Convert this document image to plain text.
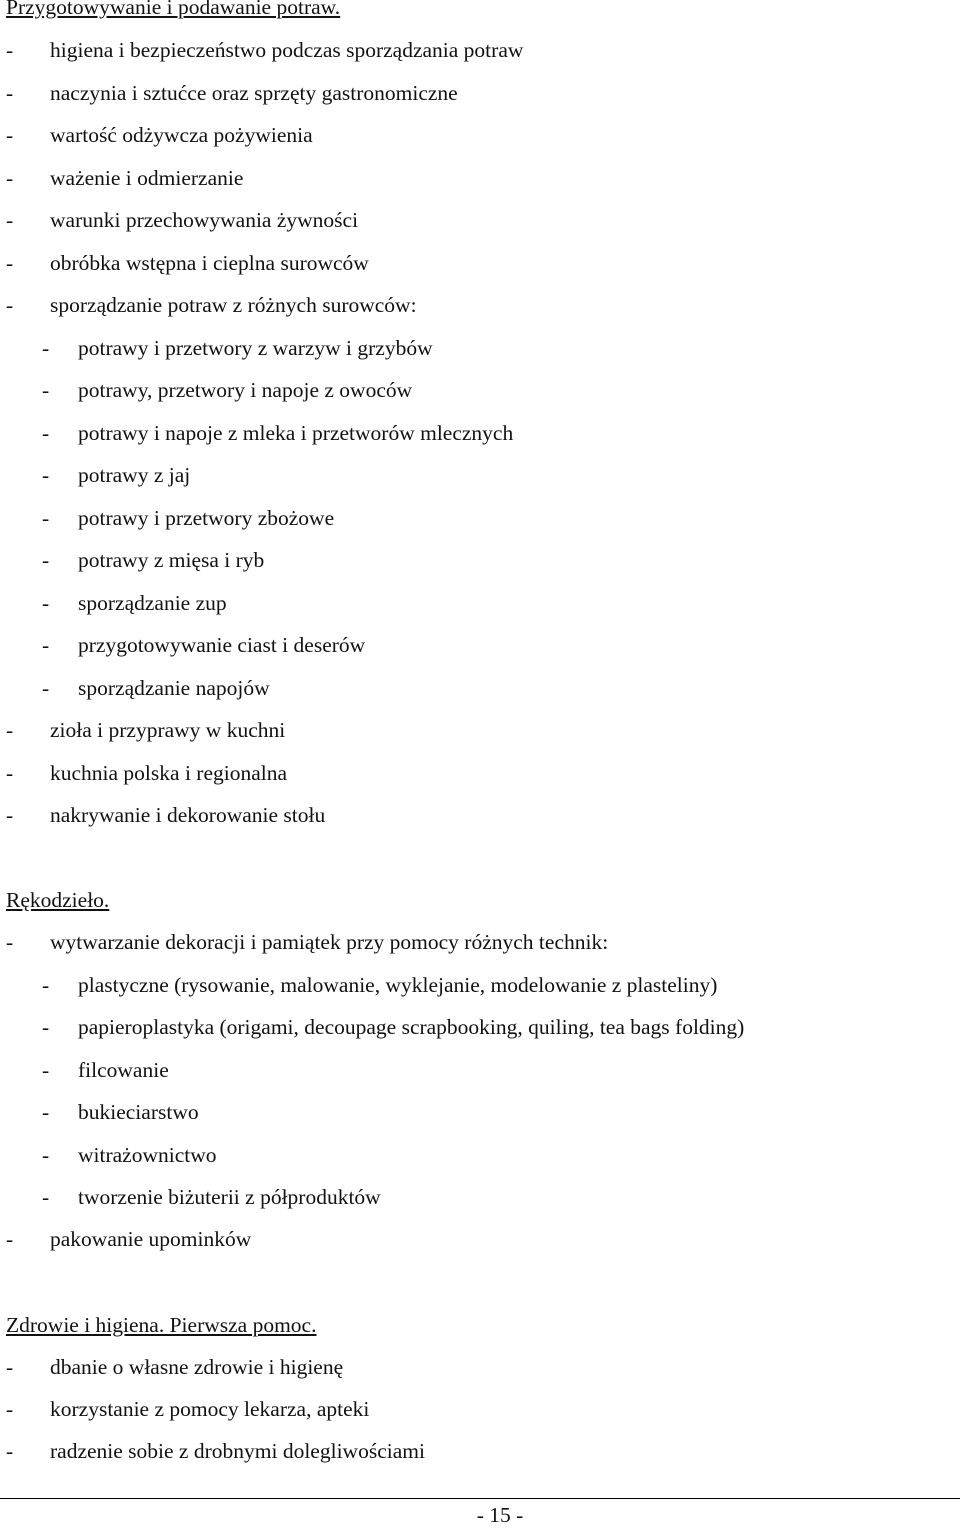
Przygotowywanie i podawanie potraw.
- higiena i bezpieczeństwo podczas sporządzania potraw
- naczynia i sztućce oraz sprzęty gastronomiczne
- wartość odżywcza pożywienia
- ważenie i odmierzanie
- warunki przechowywania żywności
- obróbka wstępna i cieplna surowców
- sporządzanie potraw z różnych surowców:
- potrawy i przetwory z warzyw i grzybów
- potrawy, przetwory i napoje z owoców
- potrawy i napoje z mleka i przetworów mlecznych
- potrawy z jaj
- potrawy i przetwory zbożowe
- potrawy z mięsa i ryb
- sporządzanie zup
- przygotowywanie ciast i deserów
- sporządzanie napojów
- zioła i przyprawy w kuchni
- kuchnia polska i regionalna
- nakrywanie i dekorowanie stołu
Rękodzieło.
- wytwarzanie dekoracji i pamiątek przy pomocy różnych technik:
- plastyczne (rysowanie, malowanie, wyklejanie, modelowanie z plasteliny)
- papieroplastyka (origami, decoupage scrapbooking, quiling, tea bags folding)
- filcowanie
- bukieciarstwo
- witrażownictwo
- tworzenie biżuterii z półproduktów
- pakowanie upominków
Zdrowie i higiena. Pierwsza pomoc.
- dbanie o własne zdrowie i higienę
- korzystanie z pomocy lekarza, apteki
- radzenie sobie z drobnymi dolegliwościami
- 15 -
